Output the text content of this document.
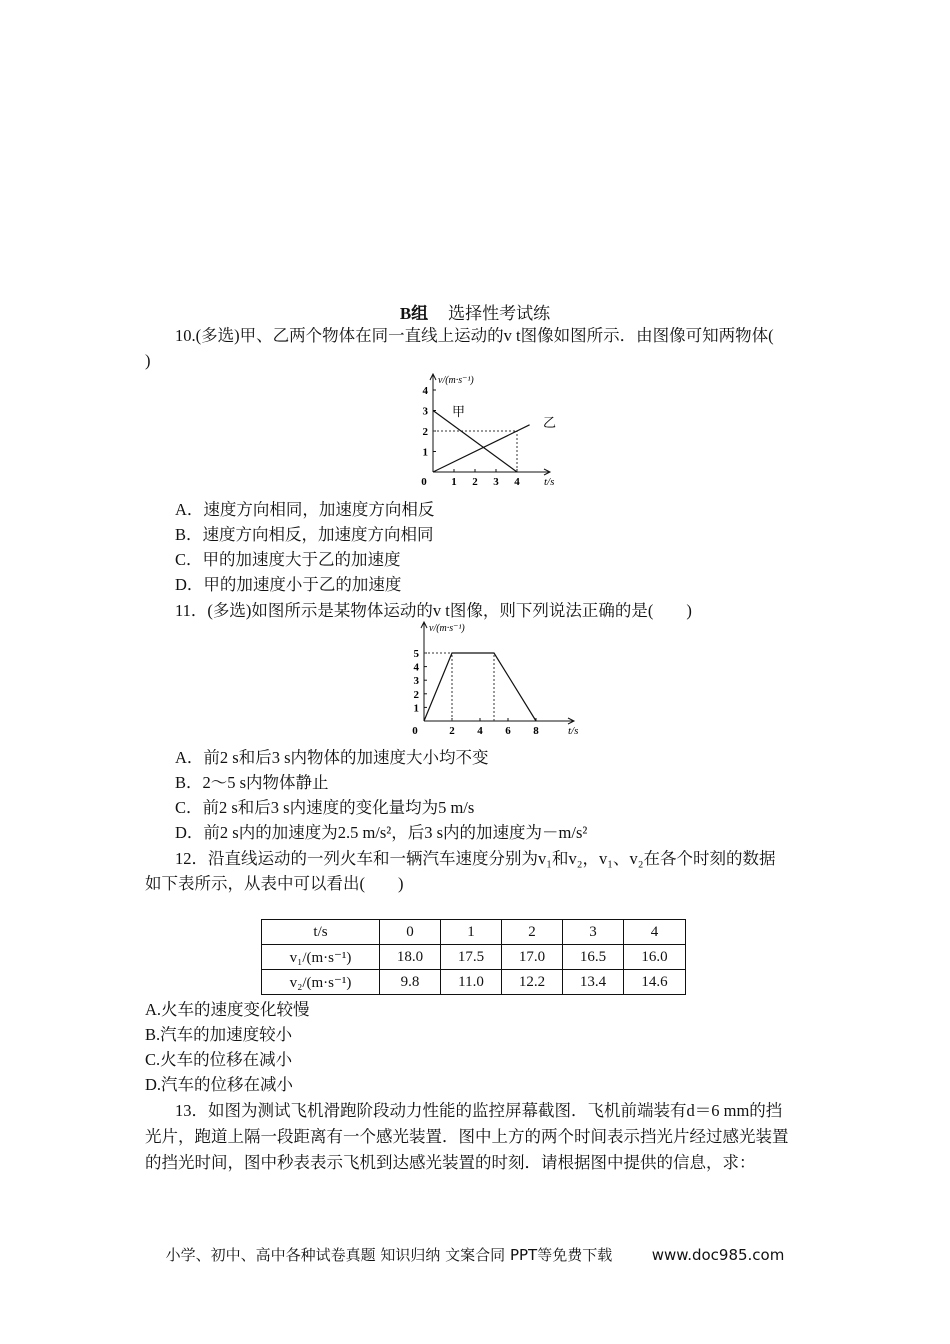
B组 选择性考试练
10.(多选)甲、乙两个物体在同一直线上运动的v t图像如图所示．由图像可知两物体(
)
0 1 2 3 4
1
2
3
4
v/(m·s⁻¹)
t/s
甲
乙
A．速度方向相同，加速度方向相反
B．速度方向相反，加速度方向相同
C．甲的加速度大于乙的加速度
D．甲的加速度小于乙的加速度
11．(多选)如图所示是某物体运动的v t图像，则下列说法正确的是(　　)
0	2 4 6 8
1
2
3
4
5
v/(m·s⁻¹)
t/s
A．前2 s和后3 s内物体的加速度大小均不变
B．2～5 s内物体静止
C．前2 s和后3 s内速度的变化量均为5 m/s
D．前2 s内的加速度为2.5 m/s²，后3 s内的加速度为－m/s²
12．沿直线运动的一列火车和一辆汽车速度分别为v₁和v₂，v₁、v₂在各个时刻的数据
如下表所示，从表中可以看出(　　)
t/s	0	1	2	3	4
v₁/(m·s⁻¹)	18.0	17.5	17.0	16.5	16.0
v₂/(m·s⁻¹)	9.8	11.0	12.2	13.4	14.6
A.火车的速度变化较慢
B.汽车的加速度较小
C.火车的位移在减小
D.汽车的位移在减小
13．如图为测试飞机滑跑阶段动力性能的监控屏幕截图．飞机前端装有d＝6 mm的挡
光片，跑道上隔一段距离有一个感光装置．图中上方的两个时间表示挡光片经过感光装置
的挡光时间，图中秒表表示飞机到达感光装置的时刻．请根据图中提供的信息，求：
小学、初中、高中各种试卷真题 知识归纳 文案合同 PPT等免费下载	www.doc985.com
